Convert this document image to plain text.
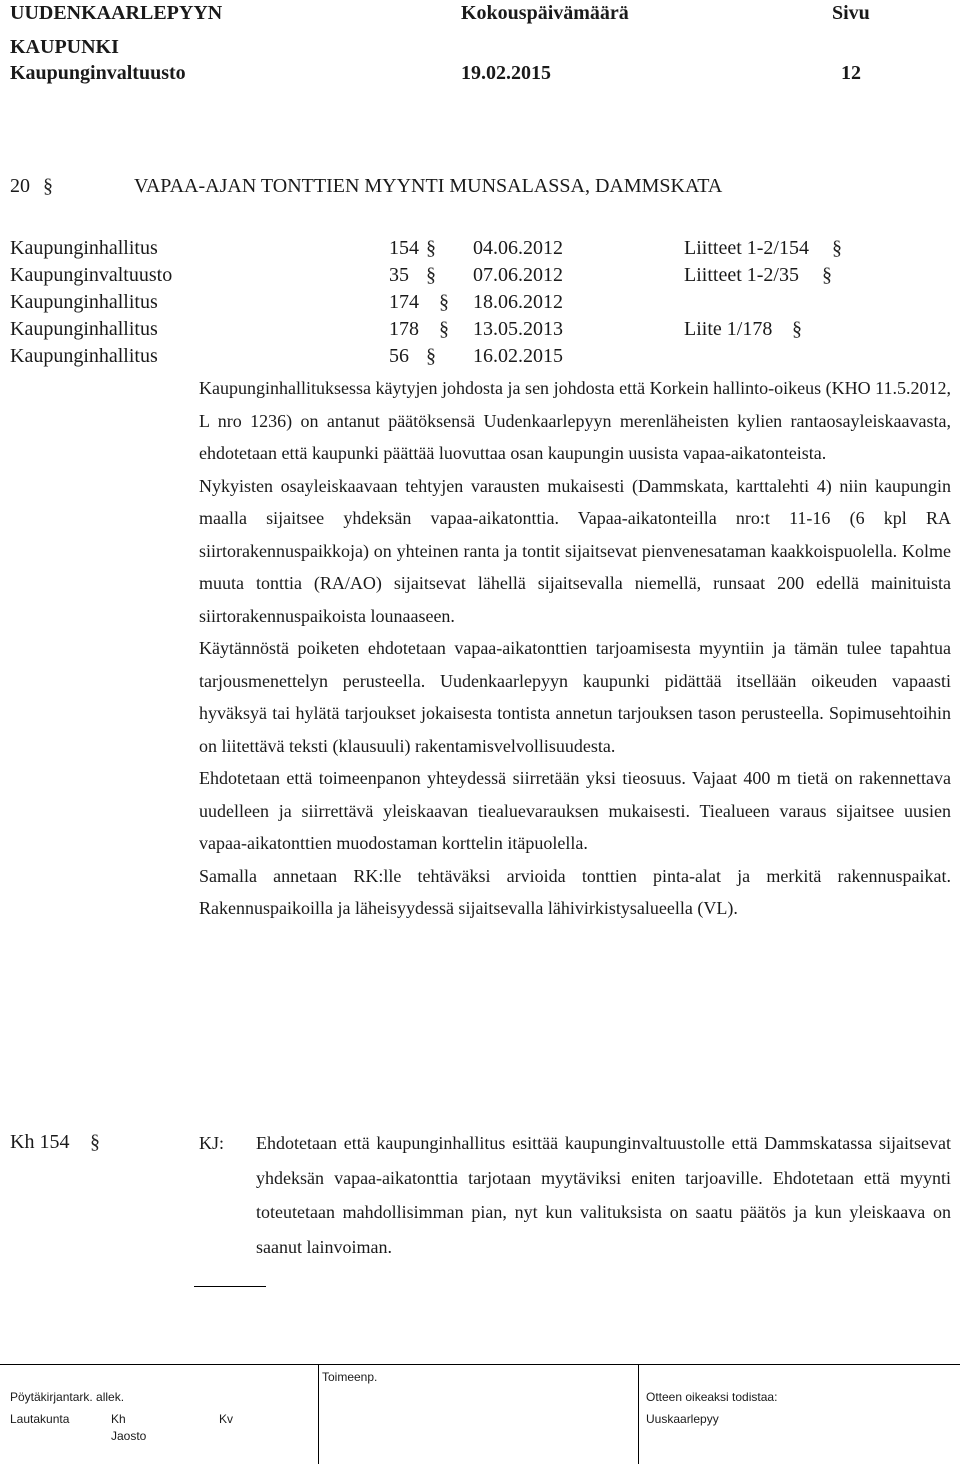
UUDENKAARLEPYYN
KAUPUNKI
Kaupunginvaltuusto
Kokouspäivämäärä
19.02.2015
Sivu
12
20 §	VAPAA-AJAN TONTTIEN MYYNTI MUNSALASSA, DAMMSKATA
Kaupunginhallitus	154 § 04.06.2012	Liitteet 1-2/154 §
Kaupunginvaltuusto	35 § 07.06.2012	Liitteet 1-2/35 §
Kaupunginhallitus	174 § 18.06.2012
Kaupunginhallitus	178 § 13.05.2013	Liite 1/178 §
Kaupunginhallitus	56 § 16.02.2015

Kaupunginhallituksessa käytyjen johdosta ja sen johdosta että Korkein hallinto-oikeus (KHO 11.5.2012, L nro 1236) on antanut päätöksensä Uudenkaarlepyyn merenläheisten kylien rantaosayleiskaavasta, ehdotetaan että kaupunki päättää luovuttaa osan kaupungin uusista vapaa-aikatonteista.

Nykyisten osayleiskaavaan tehtyjen varausten mukaisesti (Dammskata, karttalehti 4) niin kaupungin maalla sijaitsee yhdeksän vapaa-aikatonttia. Vapaa-aikatonteilla nro:t 11-16 (6 kpl RA siirtorakennuspaikkoja) on yhteinen ranta ja tontit sijaitsevat pienvenesataman kaakkoispuolella. Kolme muuta tonttia (RA/AO) sijaitsevat lähellä sijaitsevalla niemellä, runsaat 200 edellä mainituista siirtorakennuspaikoista lounaaseen.

Käytännöstä poiketen ehdotetaan vapaa-aikatonttien tarjoamisesta myyntiin ja tämän tulee tapahtua tarjousmenettelyn perusteella. Uudenkaarlepyyn kaupunki pidättää itsellään oikeuden vapaasti hyväksyä tai hylätä tarjoukset jokaisesta tontista annetun tarjouksen tason perusteella. Sopimusehtoihin on liitettävä teksti (klausuuli) rakentamisvelvollisuudesta.

Ehdotetaan että toimeenpanon yhteydessä siirretään yksi tieosuus. Vajaat 400 m tietä on rakennettava uudelleen ja siirrettävä yleiskaavan tiealuevarauksen mukaisesti. Tiealueen varaus sijaitsee uusien vapaa-aikatonttien muodostaman korttelin itäpuolella.

Samalla annetaan RK:lle tehtäväksi arvioida tonttien pinta-alat ja merkitä rakennuspaikat. Rakennuspaikoilla ja läheisyydessä sijaitsevalla lähivirkistysalueella (VL).

Kh 154 §	KJ: Ehdotetaan että kaupunginhallitus esittää kaupunginvaltuustolle että Dammskatassa sijaitsevat yhdeksän vapaa-aikatonttia tarjotaan myytäviksi eniten tarjoaville. Ehdotetaan että myynti toteutetaan mahdollisimman pian, nyt kun valituksista on saatu päätös ja kun yleiskaava on saanut lainvoiman.

Toimeenp.
Pöytäkirjantark. allek.
Lautakunta	Kh	Kv
Jaosto
Otteen oikeaksi todistaa:
Uuskaarlepyy
